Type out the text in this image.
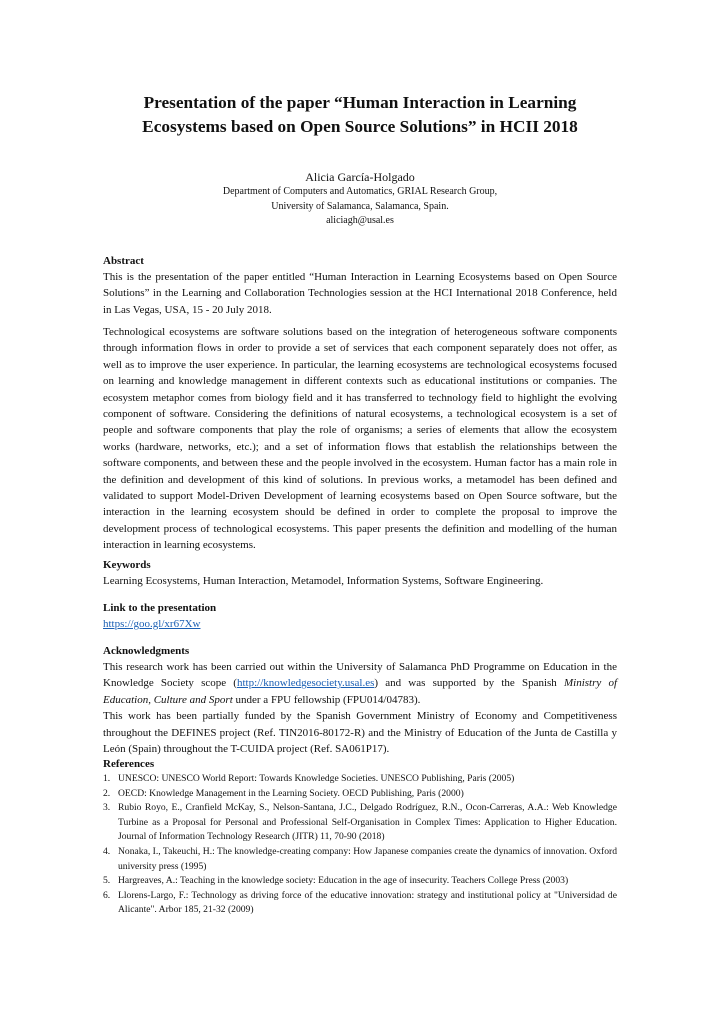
Presentation of the paper “Human Interaction in Learning Ecosystems based on Open Source Solutions” in HCII 2018

Alicia García-Holgado

Department of Computers and Automatics, GRIAL Research Group,
University of Salamanca, Salamanca, Spain.
aliciagh@usal.es
Abstract

This is the presentation of the paper entitled “Human Interaction in Learning Ecosystems based on Open Source Solutions” in the Learning and Collaboration Technologies session at the HCI International 2018 Conference, held in Las Vegas, USA, 15 - 20 July 2018.

Technological ecosystems are software solutions based on the integration of heterogeneous software components through information flows in order to provide a set of services that each component separately does not offer, as well as to improve the user experience. In particular, the learning ecosystems are technological ecosystems focused on learning and knowledge management in different contexts such as educational institutions or companies. The ecosystem metaphor comes from biology field and it has transferred to technology field to highlight the evolving component of software. Considering the definitions of natural ecosystems, a technological ecosystem is a set of people and software components that play the role of organisms; a series of elements that allow the ecosystem works (hardware, networks, etc.); and a set of information flows that establish the relationships between the software components, and between these and the people involved in the ecosystem. Human factor has a main role in the definition and development of this kind of solutions. In previous works, a metamodel has been defined and validated to support Model-Driven Development of learning ecosystems based on Open Source software, but the interaction in the learning ecosystem should be defined in order to complete the proposal to improve the development process of technological ecosystems. This paper presents the definition and modelling of the human interaction in learning ecosystems.

Keywords

Learning Ecosystems, Human Interaction, Metamodel, Information Systems, Software Engineering.

Link to the presentation

https://goo.gl/xr67Xw

Acknowledgments

This research work has been carried out within the University of Salamanca PhD Programme on Education in the Knowledge Society scope (http://knowledgesociety.usal.es) and was supported by the Spanish Ministry of Education, Culture and Sport under a FPU fellowship (FPU014/04783).

This work has been partially funded by the Spanish Government Ministry of Economy and Competitiveness throughout the DEFINES project (Ref. TIN2016-80172-R) and the Ministry of Education of the Junta de Castilla y León (Spain) throughout the T-CUIDA project (Ref. SA061P17).

References
1. UNESCO: UNESCO World Report: Towards Knowledge Societies. UNESCO Publishing, Paris (2005)
2. OECD: Knowledge Management in the Learning Society. OECD Publishing, Paris (2000)
3. Rubio Royo, E., Cranfield McKay, S., Nelson-Santana, J.C., Delgado Rodríguez, R.N., Ocon-Carreras, A.A.: Web Knowledge Turbine as a Proposal for Personal and Professional Self-Organisation in Complex Times: Application to Higher Education. Journal of Information Technology Research (JITR) 11, 70-90 (2018)
4. Nonaka, I., Takeuchi, H.: The knowledge-creating company: How Japanese companies create the dynamics of innovation. Oxford university press (1995)
5. Hargreaves, A.: Teaching in the knowledge society: Education in the age of insecurity. Teachers College Press (2003)
6. Llorens-Largo, F.: Technology as driving force of the educative innovation: strategy and institutional policy at "Universidad de Alicante". Arbor 185, 21-32 (2009)
